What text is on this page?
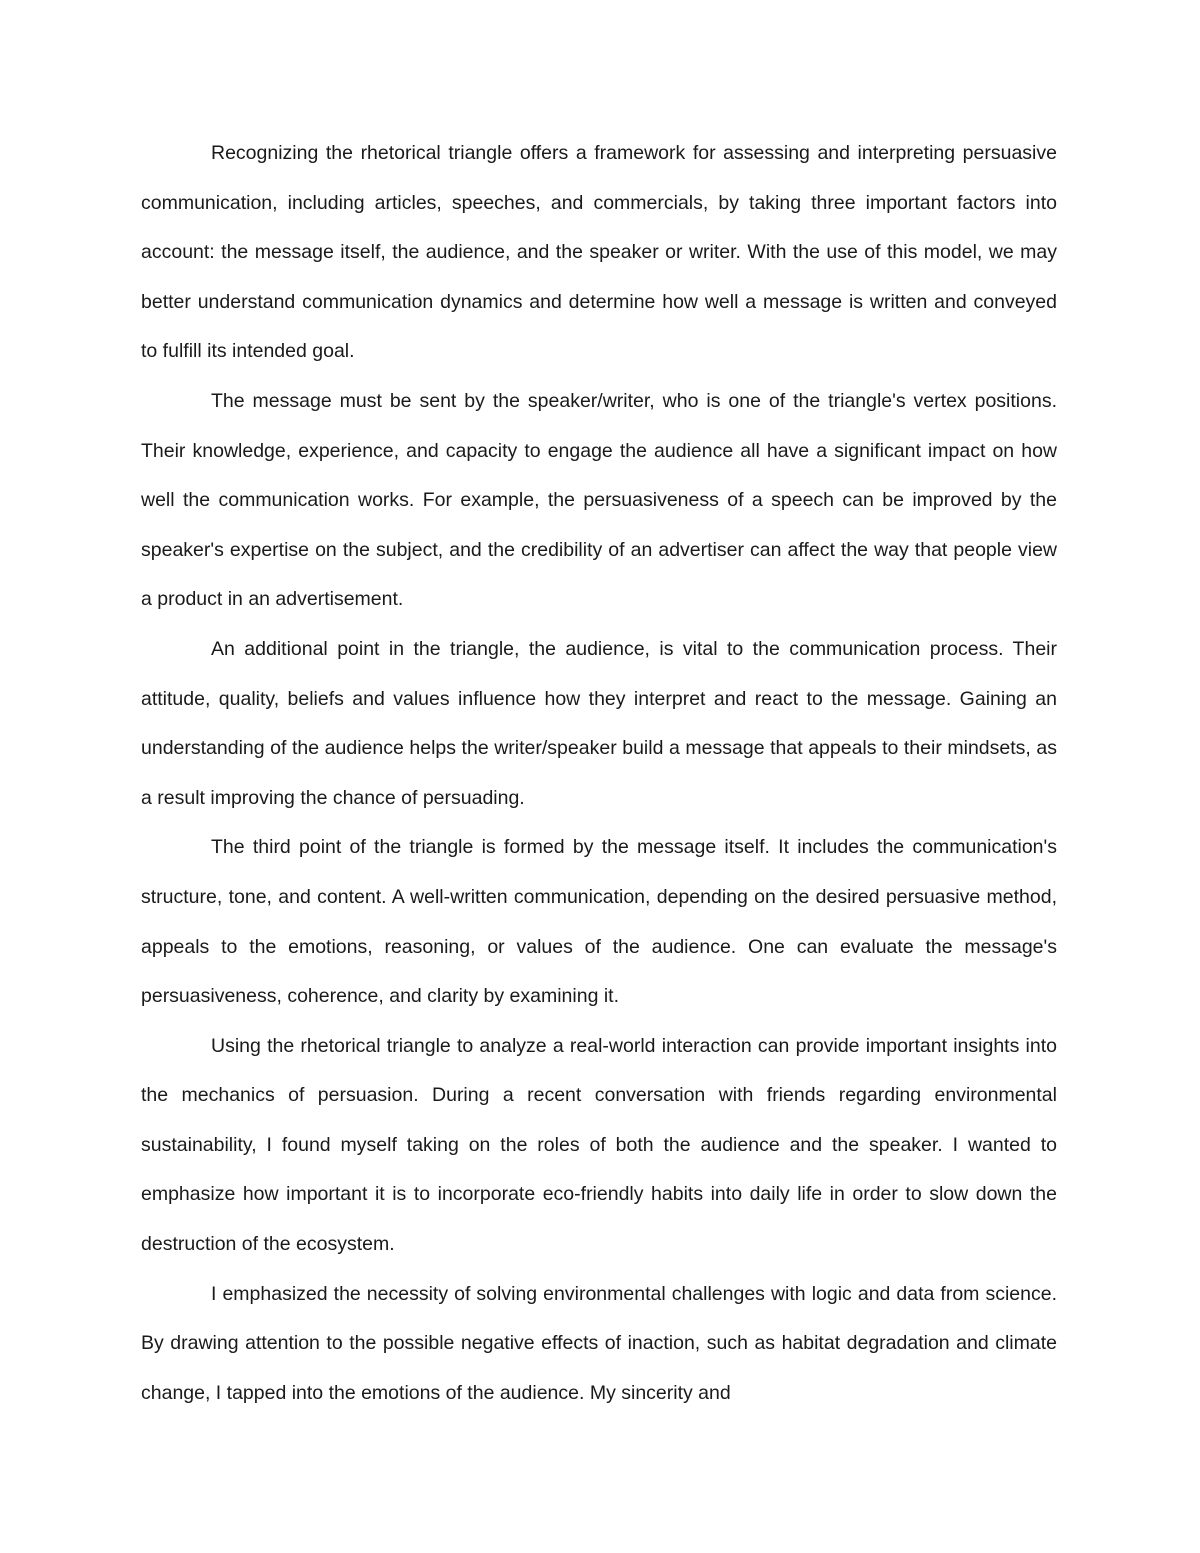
Recognizing the rhetorical triangle offers a framework for assessing and interpreting persuasive communication, including articles, speeches, and commercials, by taking three important factors into account: the message itself, the audience, and the speaker or writer. With the use of this model, we may better understand communication dynamics and determine how well a message is written and conveyed to fulfill its intended goal.

The message must be sent by the speaker/writer, who is one of the triangle's vertex positions. Their knowledge, experience, and capacity to engage the audience all have a significant impact on how well the communication works. For example, the persuasiveness of a speech can be improved by the speaker's expertise on the subject, and the credibility of an advertiser can affect the way that people view a product in an advertisement.

An additional point in the triangle, the audience, is vital to the communication process. Their attitude, quality, beliefs and values influence how they interpret and react to the message. Gaining an understanding of the audience helps the writer/speaker build a message that appeals to their mindsets, as a result improving the chance of persuading.

The third point of the triangle is formed by the message itself. It includes the communication's structure, tone, and content. A well-written communication, depending on the desired persuasive method, appeals to the emotions, reasoning, or values of the audience. One can evaluate the message's persuasiveness, coherence, and clarity by examining it.

Using the rhetorical triangle to analyze a real-world interaction can provide important insights into the mechanics of persuasion. During a recent conversation with friends regarding environmental sustainability, I found myself taking on the roles of both the audience and the speaker. I wanted to emphasize how important it is to incorporate eco-friendly habits into daily life in order to slow down the destruction of the ecosystem.

I emphasized the necessity of solving environmental challenges with logic and data from science. By drawing attention to the possible negative effects of inaction, such as habitat degradation and climate change, I tapped into the emotions of the audience. My sincerity and
